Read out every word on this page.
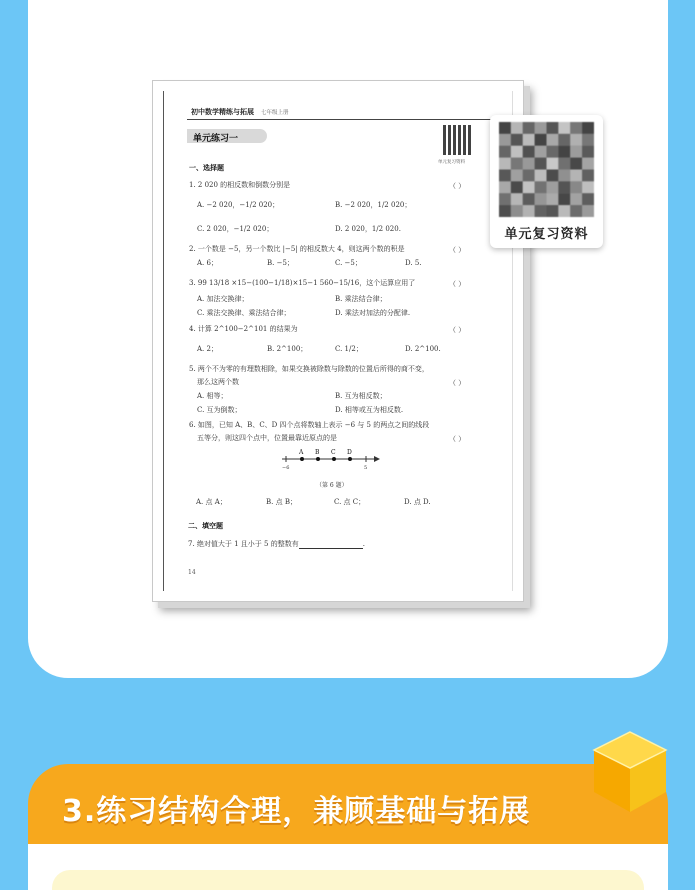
初中数学精练与拓展 七年级上册
单元练习一
单元复习资料
一、选择题
1. 2 020 的相反数和倒数分别是	（ ）
A. −2 020，−1/2 020；	B. −2 020，1/2 020；
C. 2 020，−1/2 020；	D. 2 020，1/2 020.
2. 一个数是 −5，另一个数比 |−5| 的相反数大 4，则这两个数的积是	（ ）
A. 6；	B. −5；	C. −5；	D. 5.
3. 99 13/18 ×15−(100−1/18)×15−1 560−15/16，这个运算应用了	（ ）
A. 加法交换律；	B. 乘法结合律；
C. 乘法交换律、乘法结合律；	D. 乘法对加法的分配律.
4. 计算 2^100−2^101 的结果为	（ ）
A. 2；	B. 2^100；	C. 1/2；	D. 2^100.
5. 两个不为零的有理数相除，如果交换被除数与除数的位置后所得的商不变，
那么这两个数	（ ）
A. 相等；	B. 互为相反数；
C. 互为倒数；	D. 相等或互为相反数.
6. 如图，已知 A、B、C、D 四个点将数轴上表示 −6 与 5 的两点之间的线段
五等分，则这四个点中，位置最靠近原点的是	（ ）
A B C D
−6	5
（第 6 题）
A. 点 A；	B. 点 B；	C. 点 C；	D. 点 D.
二、填空题
7. 绝对值大于 1 且小于 5 的整数有	.
14
单元复习资料
3.练习结构合理，兼顾基础与拓展
